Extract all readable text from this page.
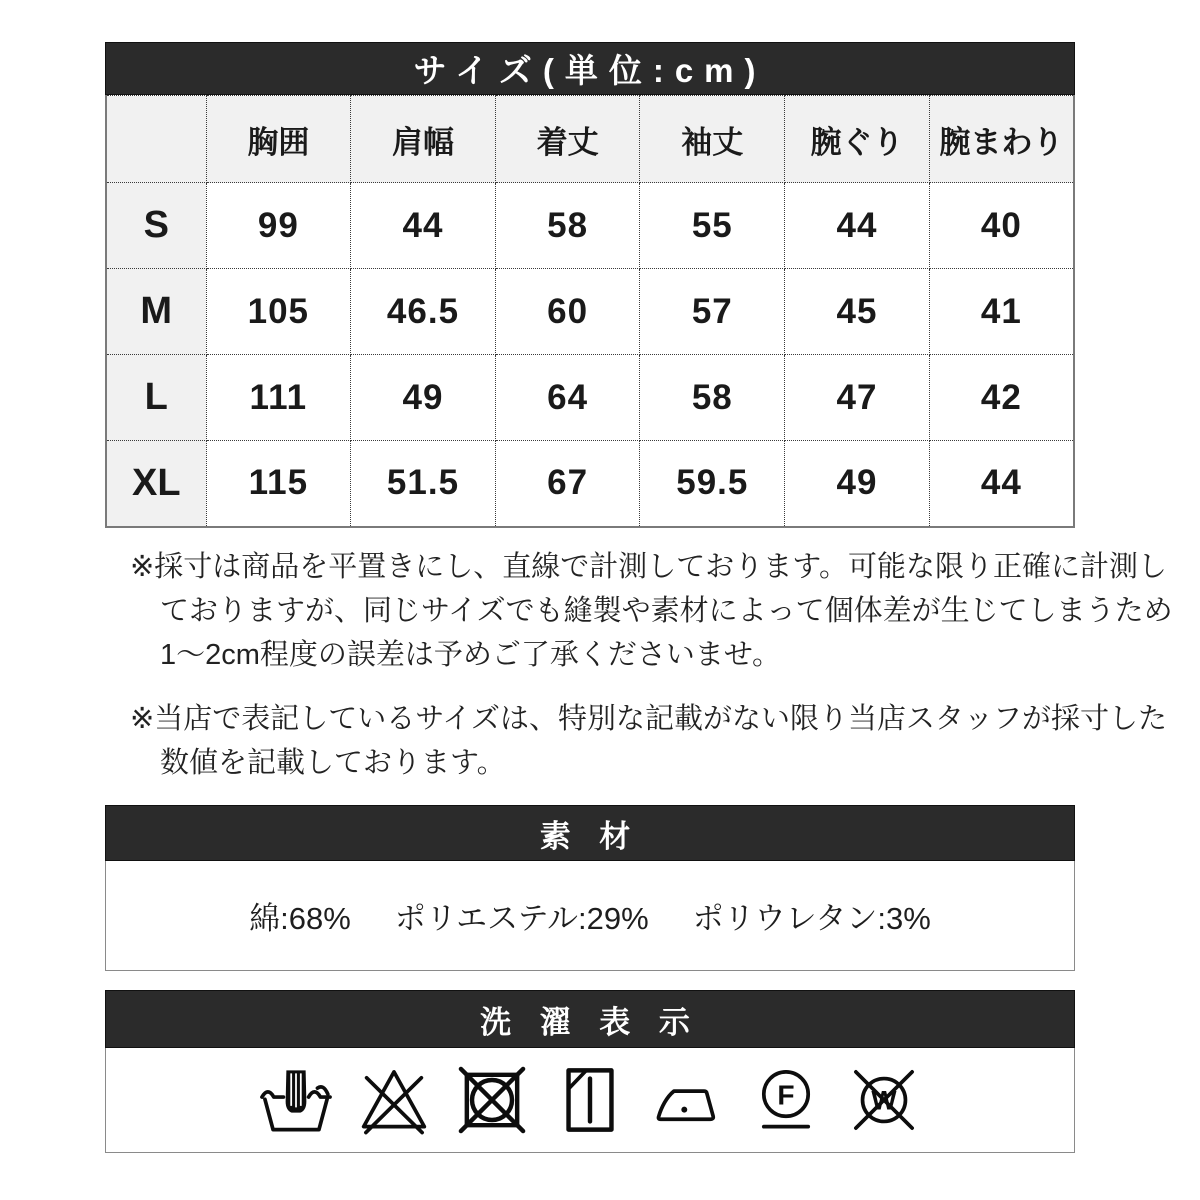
サイズ(単位:cm)
	胸囲	肩幅	着丈	袖丈	腕ぐり	腕まわり
S	99	44	58	55	44	40
M	105	46.5	60	57	45	41
L	111	49	64	58	47	42
XL	115	51.5	67	59.5	49	44
※採寸は商品を平置きにし、直線で計測しております。可能な限り正確に計測し
ておりますが、同じサイズでも縫製や素材によって個体差が生じてしまうため
1〜2cm程度の誤差は予めご了承くださいませ。
※当店で表記しているサイズは、特別な記載がない限り当店スタッフが採寸した
数値を記載しております。
素 材
綿:68% ポリエステル:29% ポリウレタン:3%
洗 濯 表 示
F W
